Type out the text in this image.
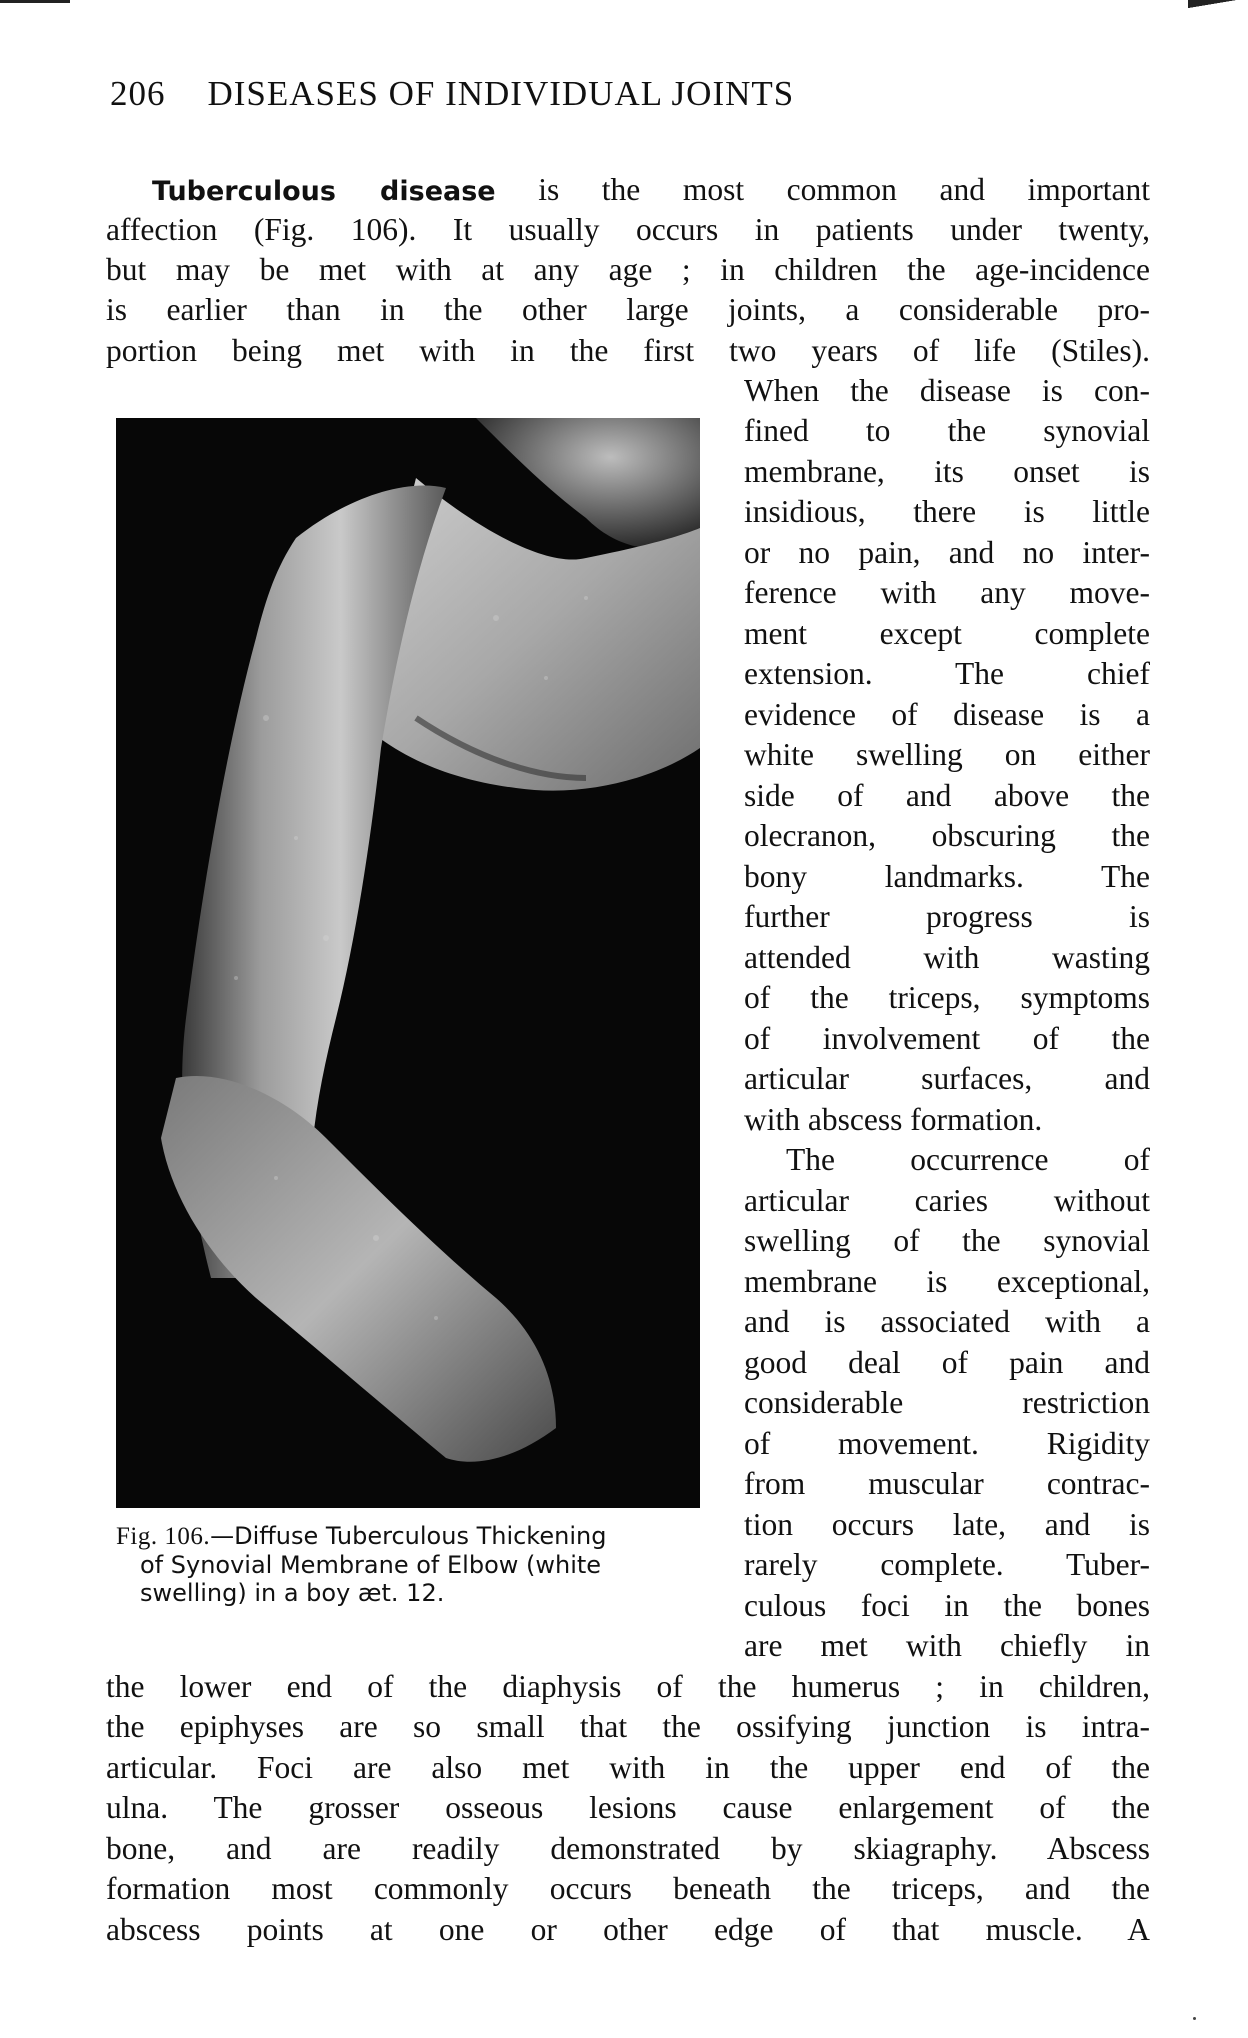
206 DISEASES OF INDIVIDUAL JOINTS
Tuberculous disease is the most common and important
affection (Fig. 106). It usually occurs in patients under twenty,
but may be met with at any age ; in children the age-incidence
is earlier than in the other large joints, a considerable pro-
portion being met with in the first two years of life (Stiles).
Fig. 106.—Diffuse Tuberculous Thickening
of Synovial Membrane of Elbow (white
swelling) in a boy æt. 12.
When the disease is con-
fined to the synovial
membrane, its onset is
insidious, there is little
or no pain, and no inter-
ference with any move-
ment except complete
extension. The chief
evidence of disease is a
white swelling on either
side of and above the
olecranon, obscuring the
bony landmarks. The
further progress is
attended with wasting
of the triceps, symptoms
of involvement of the
articular surfaces, and
with abscess formation.
The occurrence of
articular caries without
swelling of the synovial
membrane is exceptional,
and is associated with a
good deal of pain and
considerable restriction
of movement. Rigidity
from muscular contrac-
tion occurs late, and is
rarely complete. Tuber-
culous foci in the bones
are met with chiefly in
the lower end of the diaphysis of the humerus ; in children,
the epiphyses are so small that the ossifying junction is intra-
articular. Foci are also met with in the upper end of the
ulna. The grosser osseous lesions cause enlargement of the
bone, and are readily demonstrated by skiagraphy. Abscess
formation most commonly occurs beneath the triceps, and the
abscess points at one or other edge of that muscle. A
